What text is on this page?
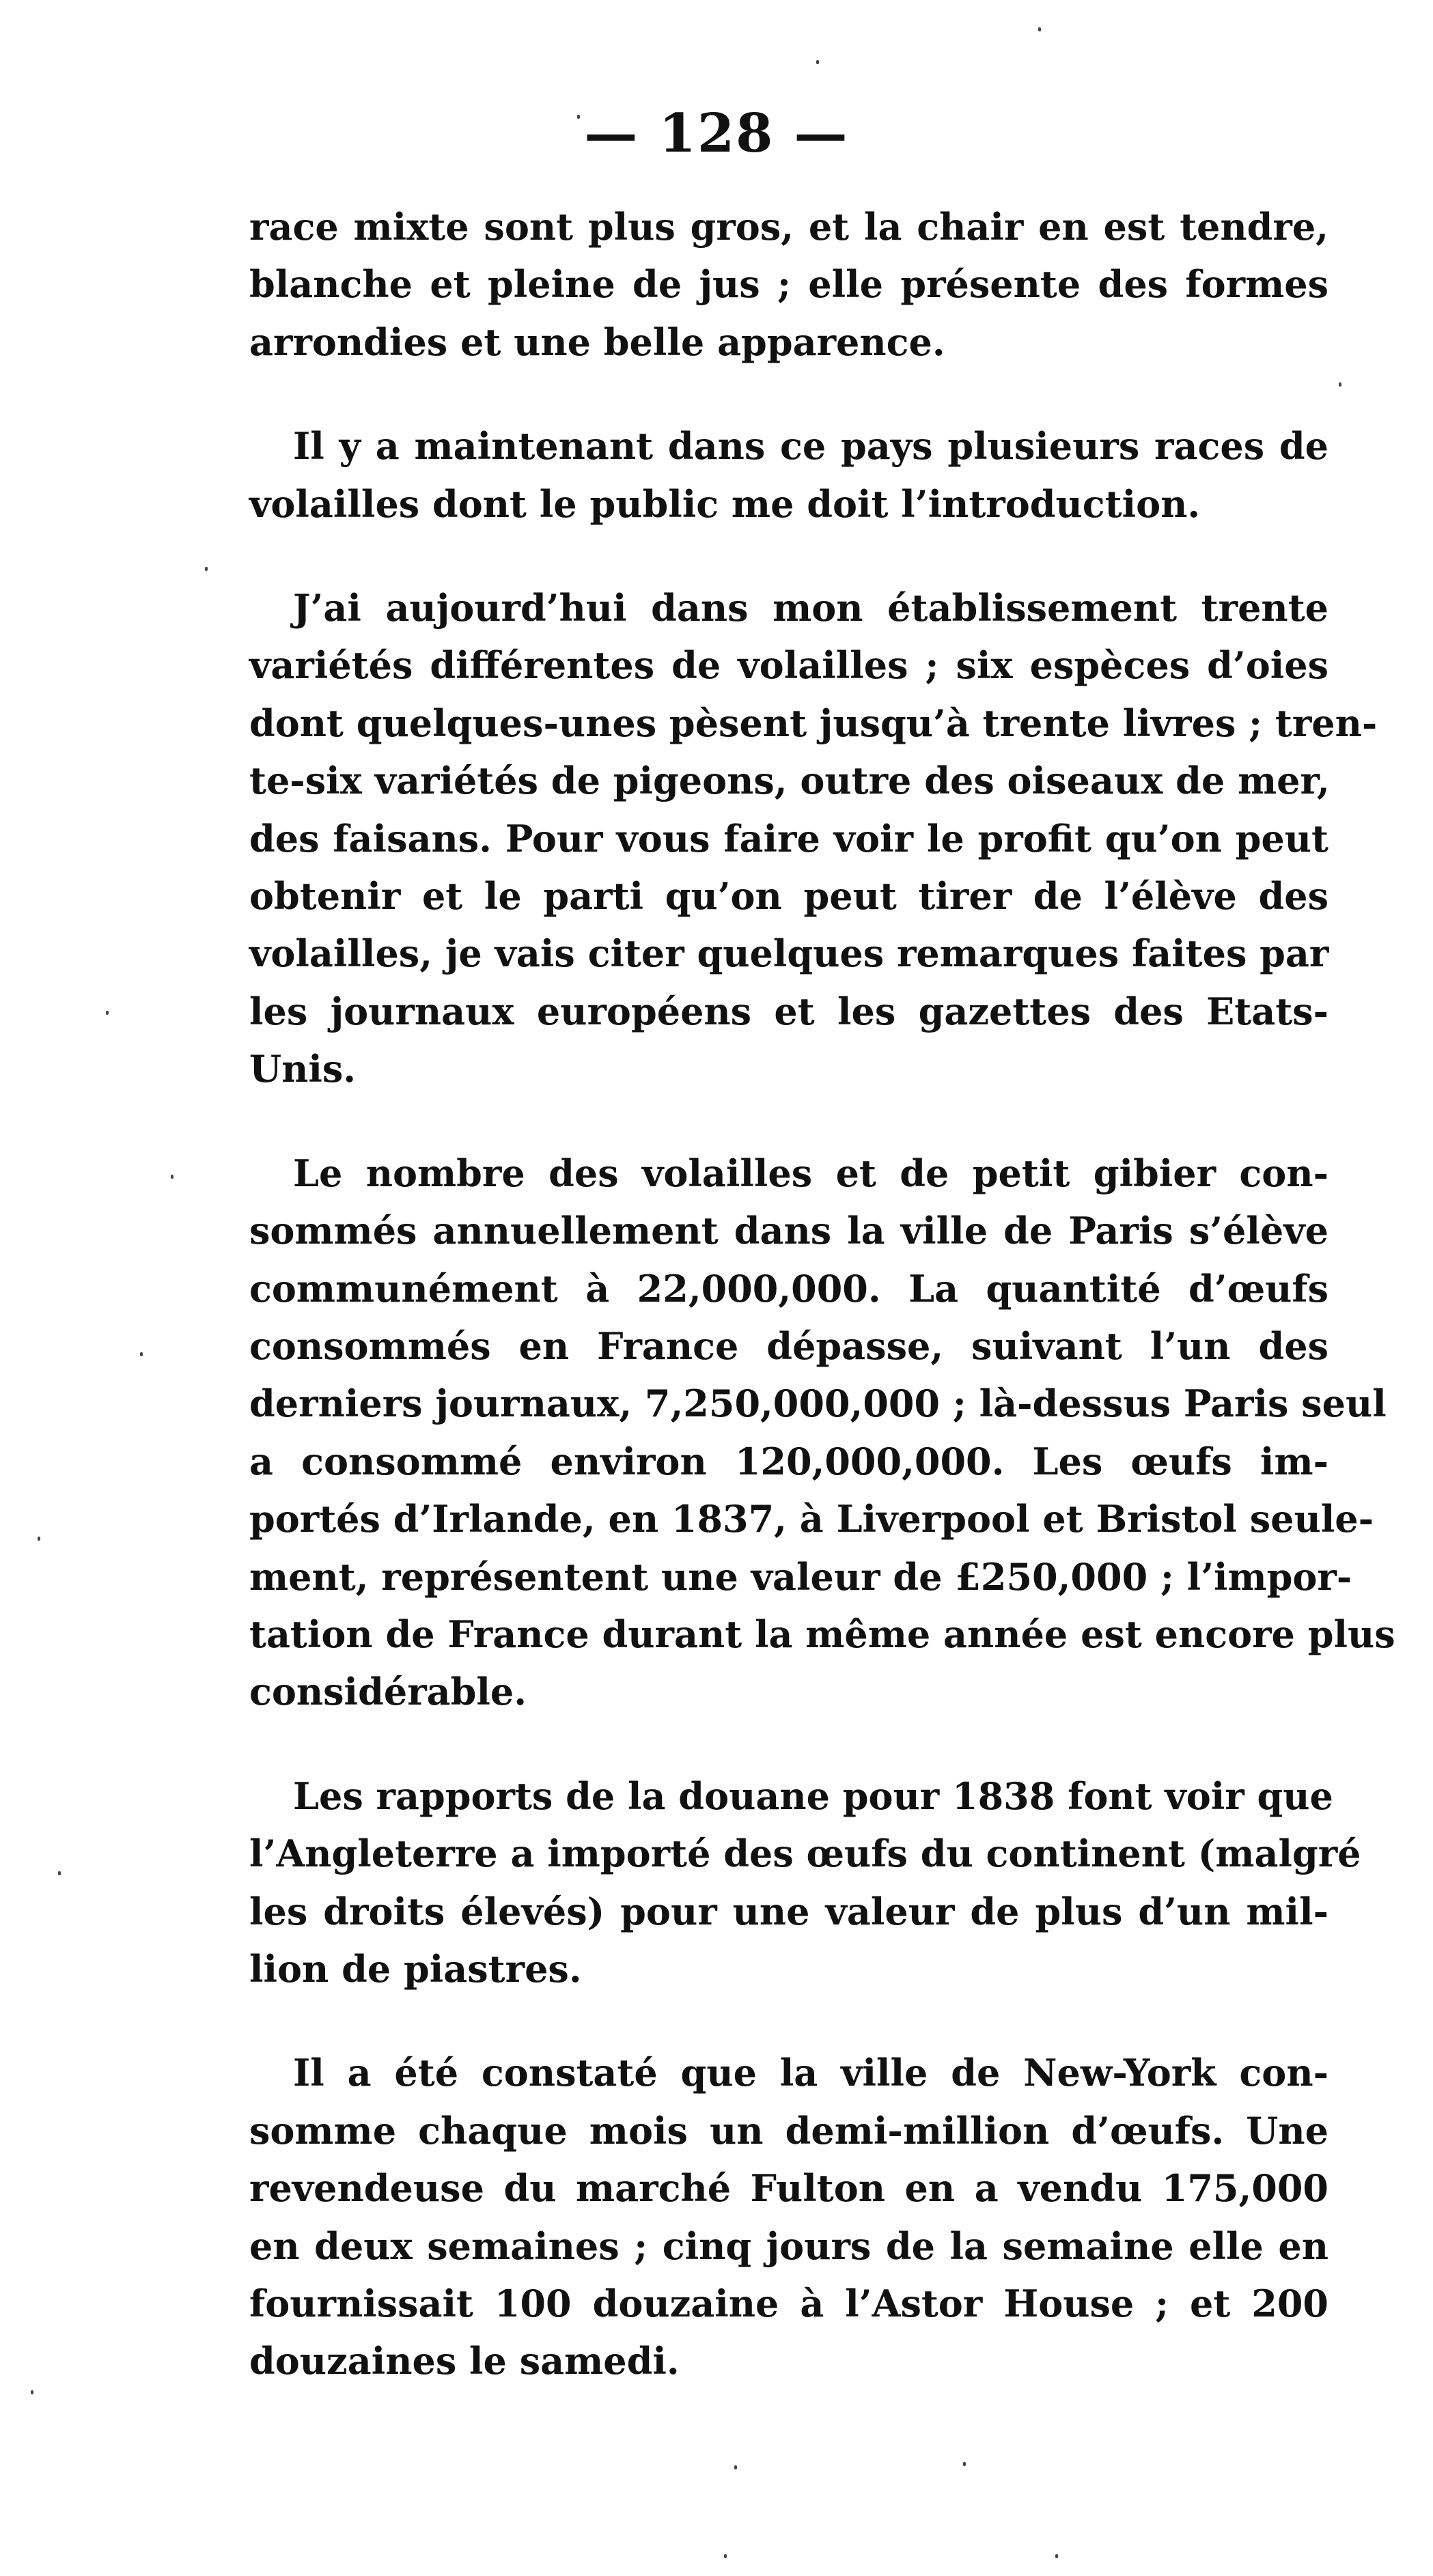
— 128 —

race mixte sont plus gros, et la chair en est tendre,
blanche et pleine de jus ; elle présente des formes
arrondies et une belle apparence.

Il y a maintenant dans ce pays plusieurs races de
volailles dont le public me doit l’introduction.

J’ai aujourd’hui dans mon établissement trente
variétés différentes de volailles ; six espèces d’oies
dont quelques-unes pèsent jusqu’à trente livres ; tren-
te-six variétés de pigeons, outre des oiseaux de mer,
des faisans. Pour vous faire voir le profit qu’on peut
obtenir et le parti qu’on peut tirer de l’élève des
volailles, je vais citer quelques remarques faites par
les journaux européens et les gazettes des Etats-
Unis.

Le nombre des volailles et de petit gibier con-
sommés annuellement dans la ville de Paris s’élève
communément à 22,000,000. La quantité d’œufs
consommés en France dépasse, suivant l’un des
derniers journaux, 7,250,000,000 ; là-dessus Paris seul
a consommé environ 120,000,000. Les œufs im-
portés d’Irlande, en 1837, à Liverpool et Bristol seule-
ment, représentent une valeur de £250,000 ; l’impor-
tation de France durant la même année est encore plus
considérable.

Les rapports de la douane pour 1838 font voir que
l’Angleterre a importé des œufs du continent (malgré
les droits élevés) pour une valeur de plus d’un mil-
lion de piastres.

Il a été constaté que la ville de New-York con-
somme chaque mois un demi-million d’œufs. Une
revendeuse du marché Fulton en a vendu 175,000
en deux semaines ; cinq jours de la semaine elle en
fournissait 100 douzaine à l’Astor House ; et 200
douzaines le samedi.
